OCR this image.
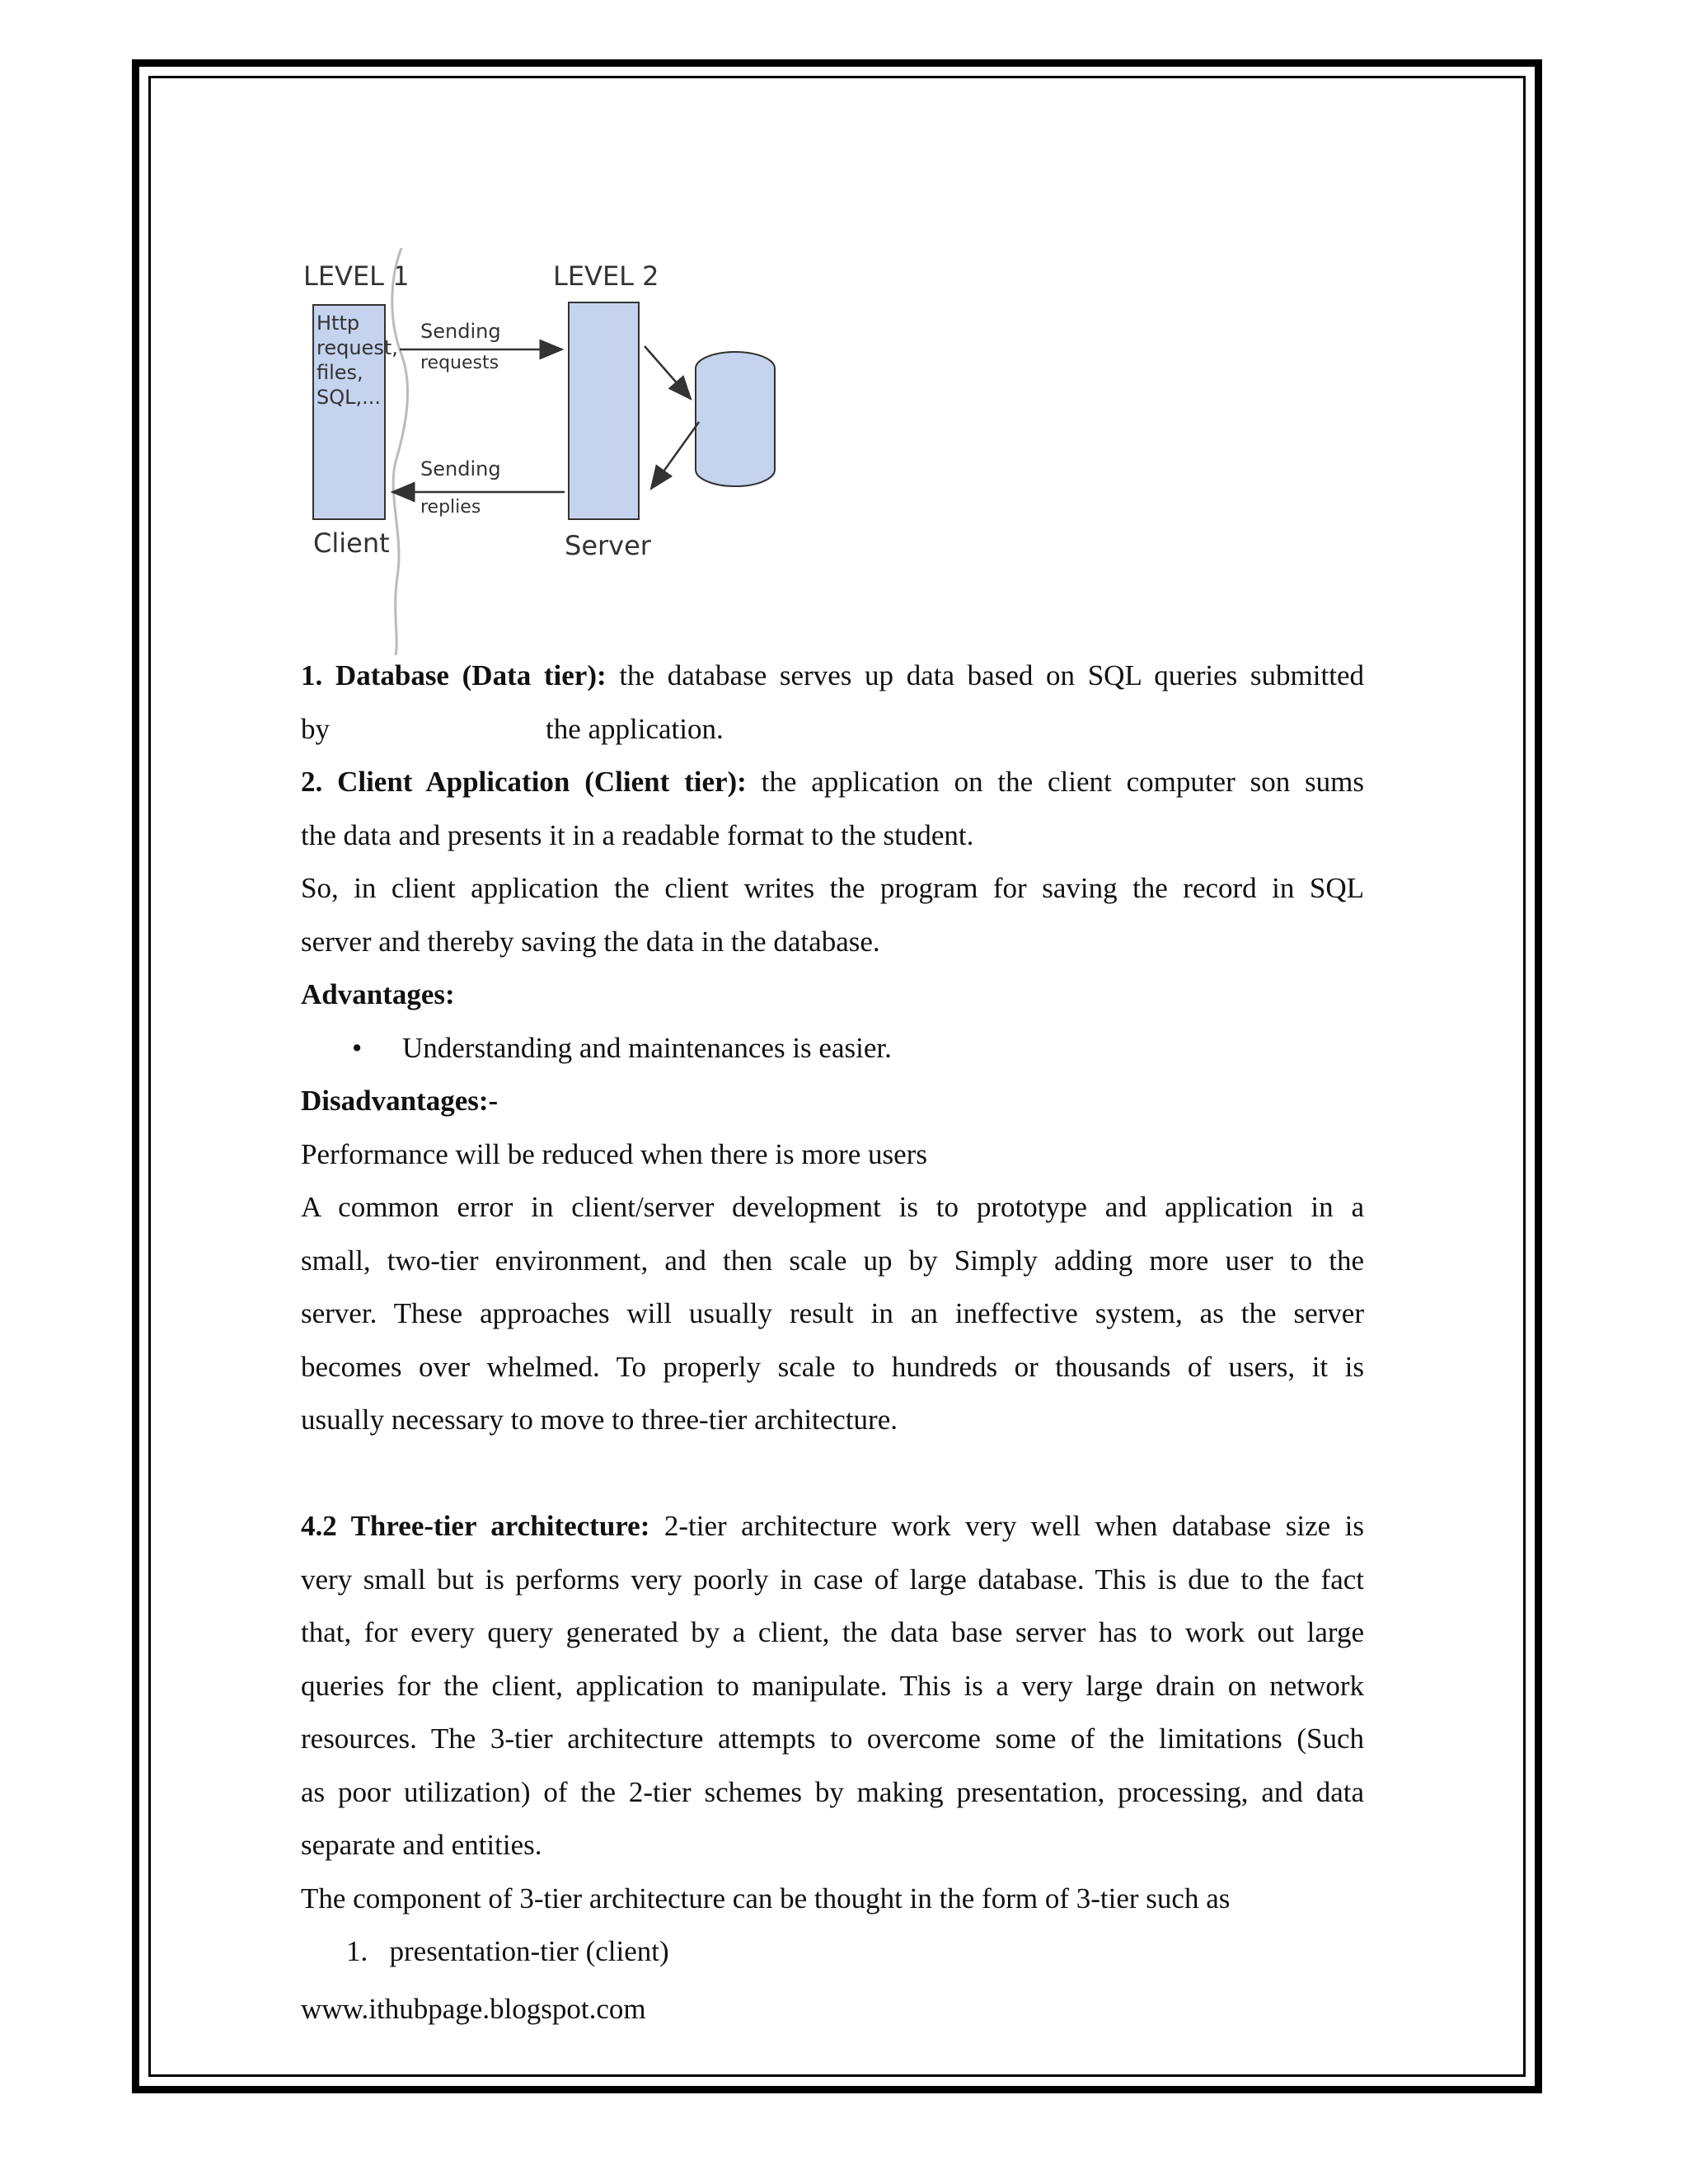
LEVEL 1	LEVEL 2
Http
request,
files,
SQL,...
Sending
requests
Sending
replies
Client	Server

1. Database (Data tier): the database serves up data based on SQL queries submitted

by	the application.

2. Client Application (Client tier): the application on the client computer son sums

the data and presents it in a readable format to the student.

So, in client application the client writes the program for saving the record in SQL

server and thereby saving the data in the database.

Advantages:

• Understanding and maintenances is easier.

Disadvantages:-

Performance will be reduced when there is more users

A common error in client/server development is to prototype and application in a

small, two-tier environment, and then scale up by Simply adding more user to the

server. These approaches will usually result in an ineffective system, as the server

becomes over whelmed. To properly scale to hundreds or thousands of users, it is

usually necessary to move to three-tier architecture.

4.2 Three-tier architecture: 2-tier architecture work very well when database size is

very small but is performs very poorly in case of large database. This is due to the fact

that, for every query generated by a client, the data base server has to work out large

queries for the client, application to manipulate. This is a very large drain on network

resources. The 3-tier architecture attempts to overcome some of the limitations (Such

as poor utilization) of the 2-tier schemes by making presentation, processing, and data

separate and entities.

The component of 3-tier architecture can be thought in the form of 3-tier such as

1.   presentation-tier (client)

www.ithubpage.blogspot.com
